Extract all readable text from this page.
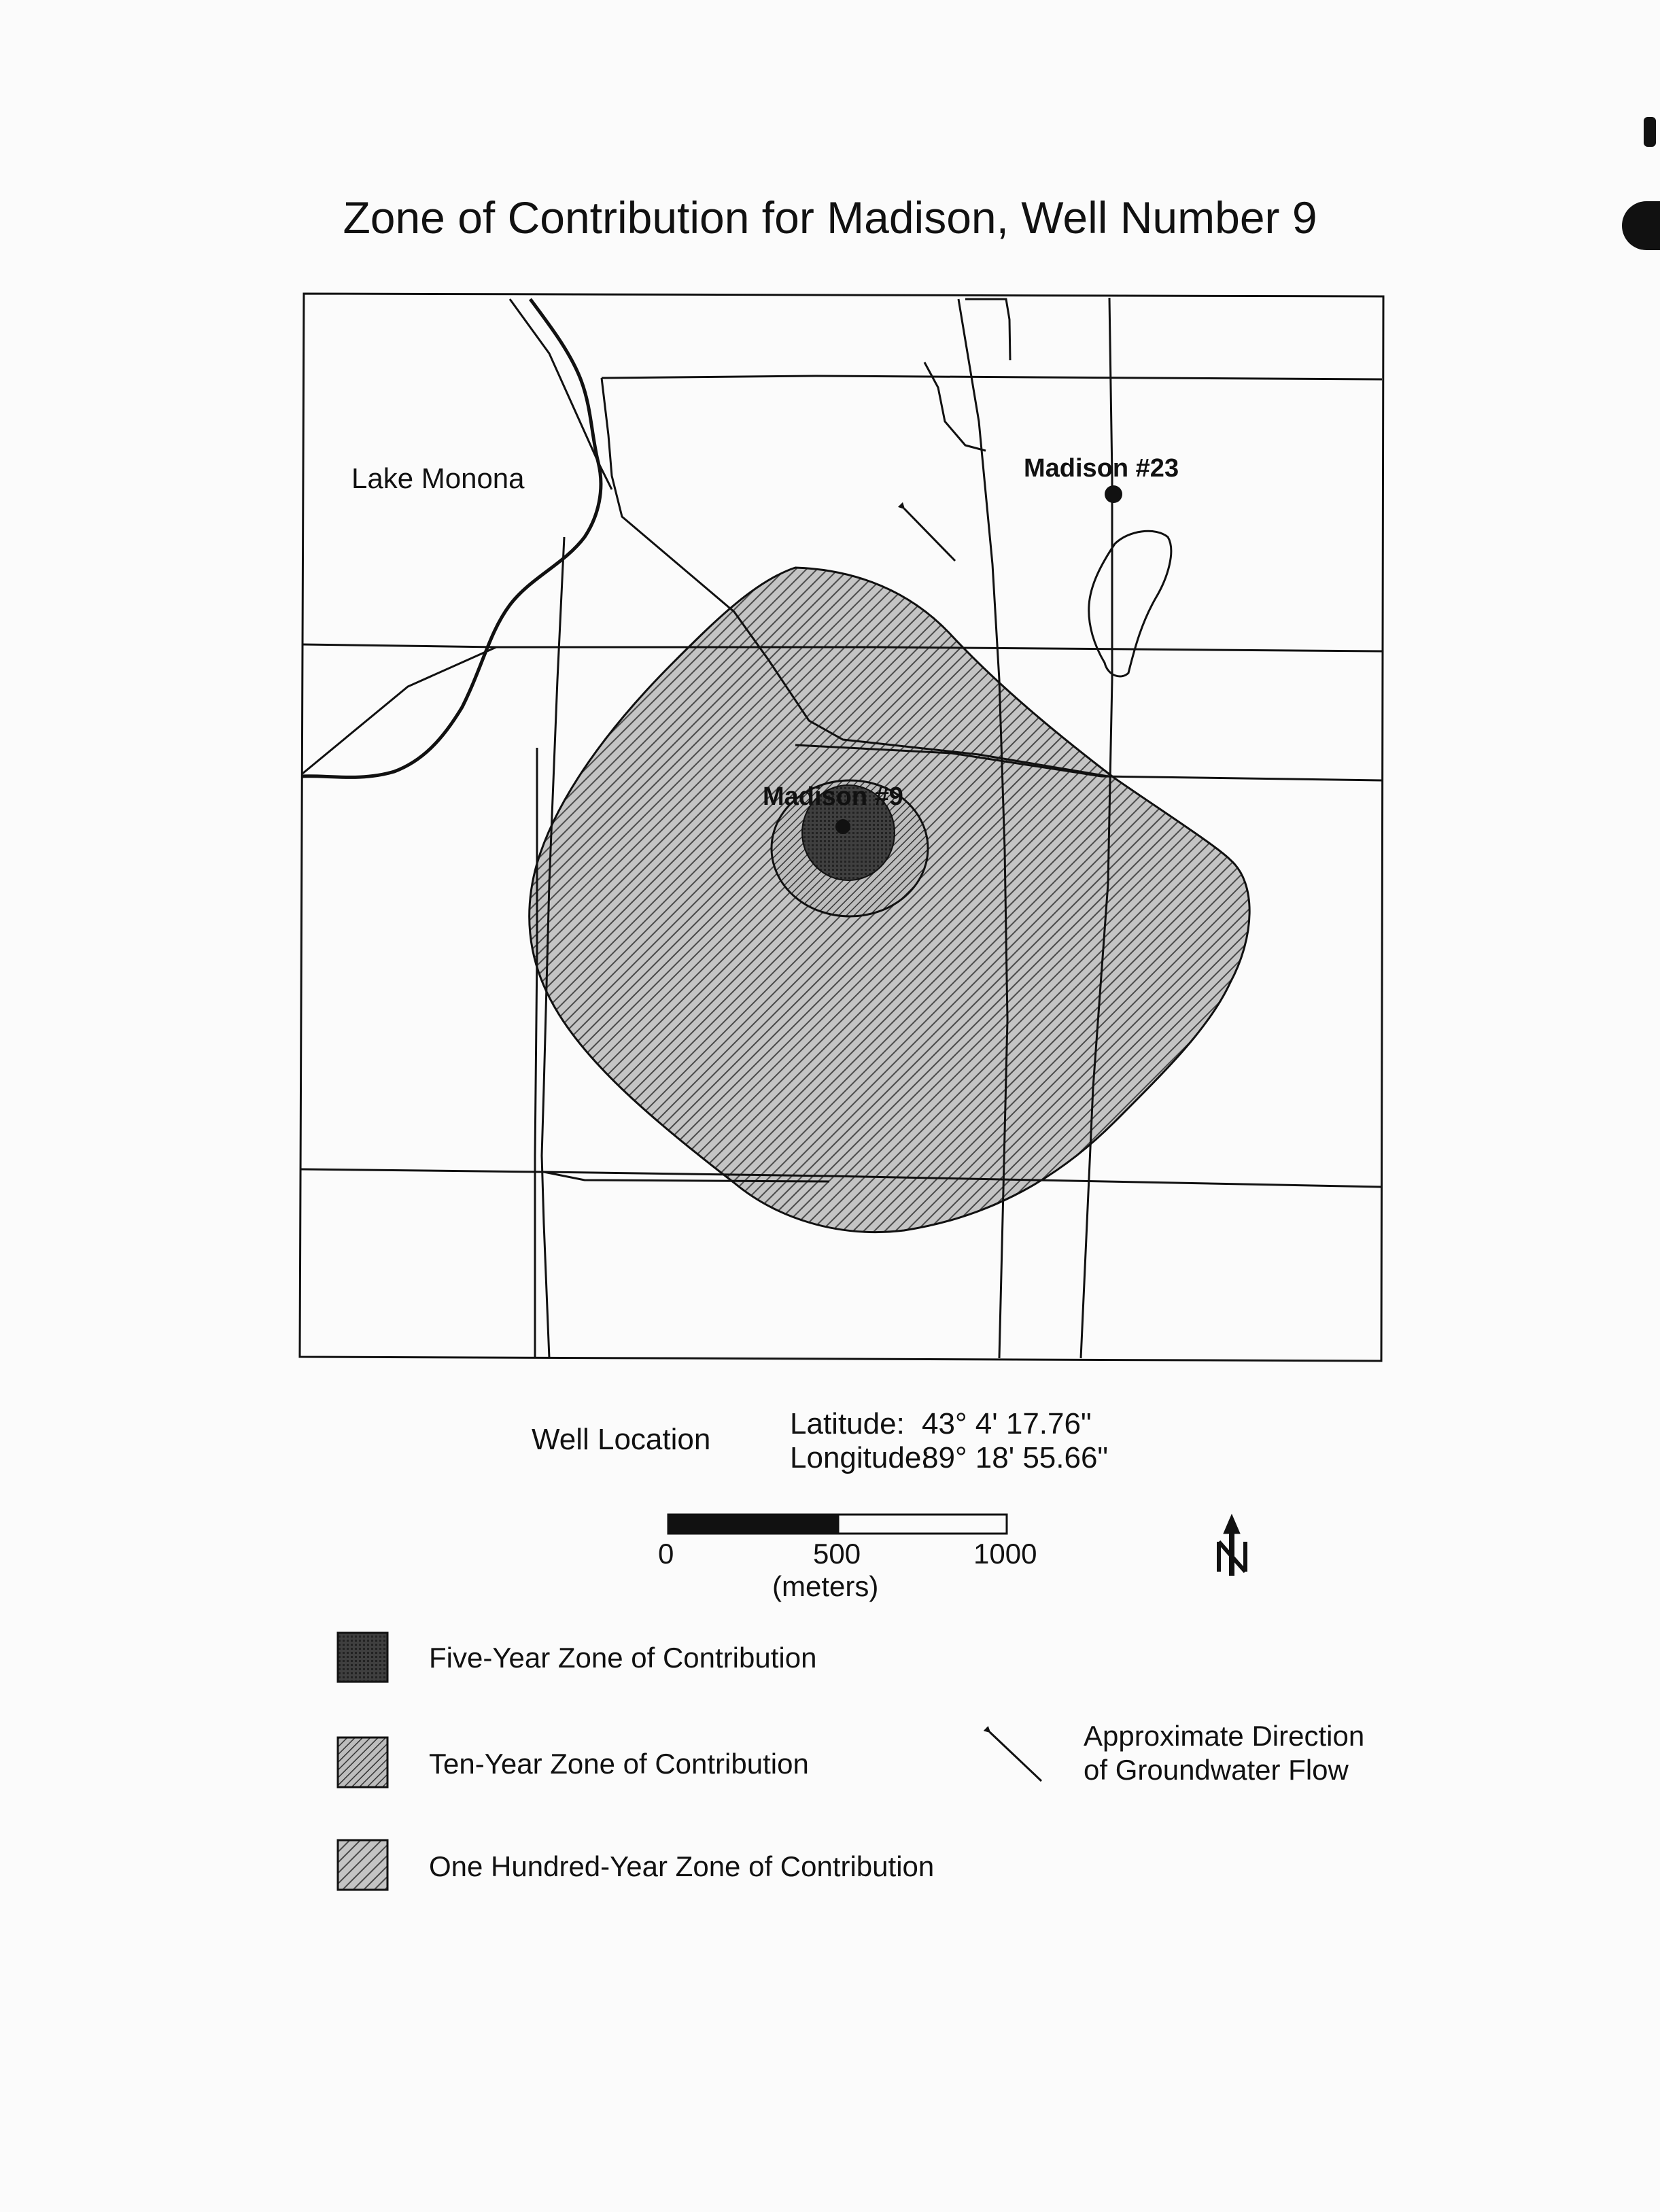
Zone of Contribution for Madison, Well Number 9
Lake Monona
Madison #9
Madison #23
Well Location	Latitude: 43° 4' 17.76"
Longitude:
89° 18' 55.66"
0	500	1000
(meters)
Five-Year Zone of Contribution
Ten-Year Zone of Contribution
One Hundred-Year Zone of Contribution
Approximate Direction
of Groundwater Flow
